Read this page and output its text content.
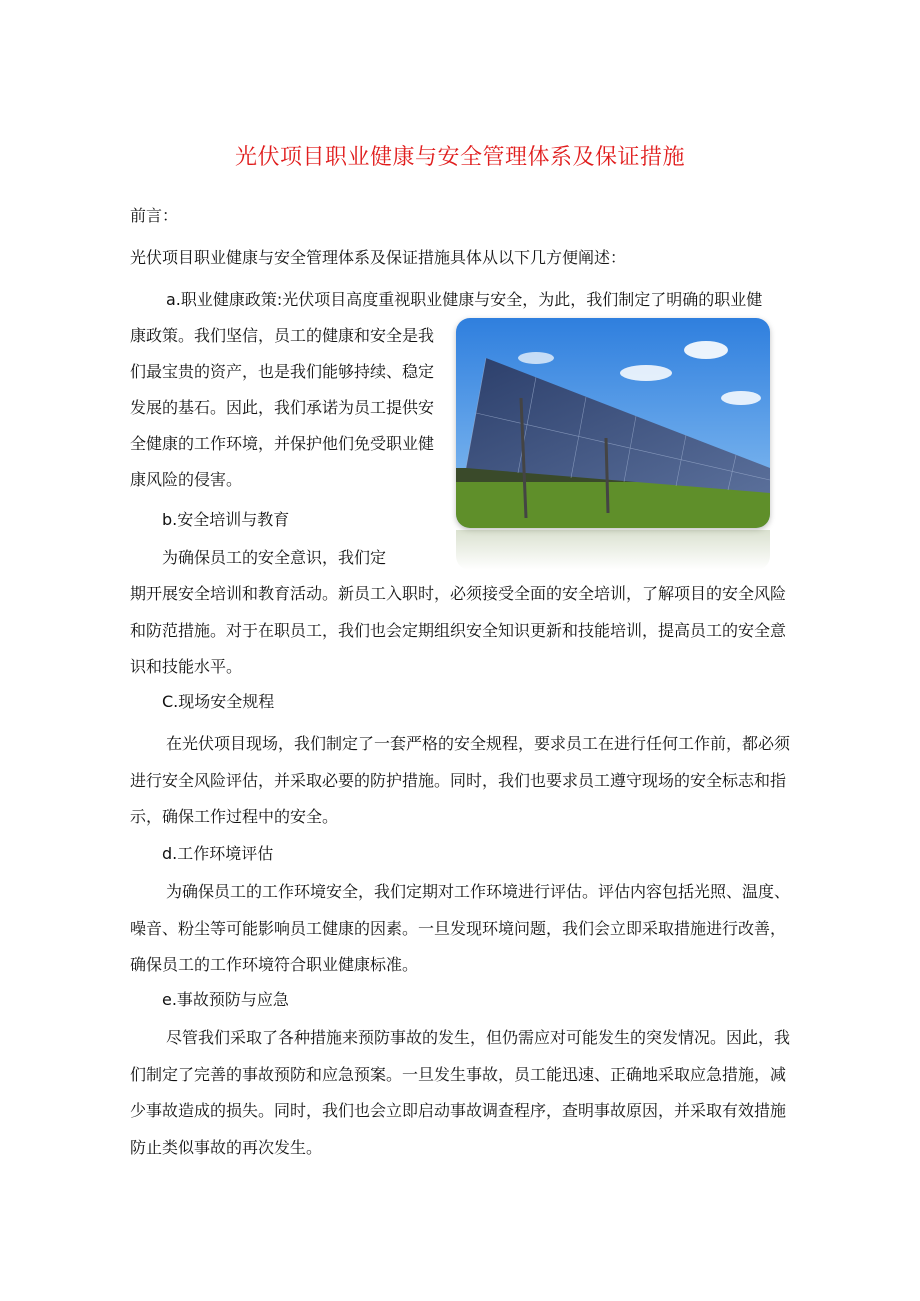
光伏项目职业健康与安全管理体系及保证措施
前言：
光伏项目职业健康与安全管理体系及保证措施具体从以下几方便阐述：
a.职业健康政策:光伏项目高度重视职业健康与安全，为此，我们制定了明确的职业健
康政策。我们坚信，员工的健康和安全是我
们最宝贵的资产，也是我们能够持续、稳定
发展的基石。因此，我们承诺为员工提供安
全健康的工作环境，并保护他们免受职业健
康风险的侵害。
b.安全培训与教育
为确保员工的安全意识，我们定
期开展安全培训和教育活动。新员工入职时，必须接受全面的安全培训，了解项目的安全风险和防范措施。对于在职员工，我们也会定期组织安全知识更新和技能培训，提高员工的安全意识和技能水平。
C.现场安全规程
在光伏项目现场，我们制定了一套严格的安全规程，要求员工在进行任何工作前，都必须进行安全风险评估，并采取必要的防护措施。同时，我们也要求员工遵守现场的安全标志和指示，确保工作过程中的安全。
d.工作环境评估
为确保员工的工作环境安全，我们定期对工作环境进行评估。评估内容包括光照、温度、噪音、粉尘等可能影响员工健康的因素。一旦发现环境问题，我们会立即采取措施进行改善，确保员工的工作环境符合职业健康标准。
e.事故预防与应急
尽管我们采取了各种措施来预防事故的发生，但仍需应对可能发生的突发情况。因此，我们制定了完善的事故预防和应急预案。一旦发生事故，员工能迅速、正确地采取应急措施，减少事故造成的损失。同时，我们也会立即启动事故调查程序，查明事故原因，并采取有效措施防止类似事故的再次发生。
